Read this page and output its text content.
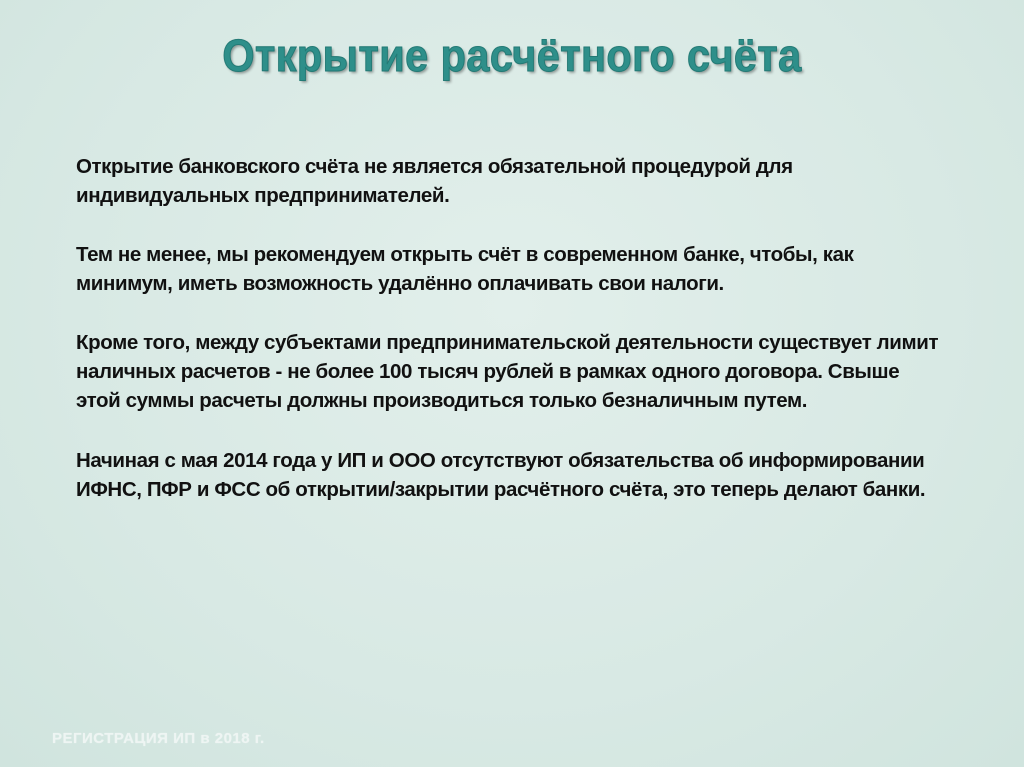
Открытие расчётного счёта

Открытие банковского счёта не является обязательной процедурой для индивидуальных предпринимателей.

Тем не менее, мы рекомендуем открыть счёт в современном банке, чтобы, как минимум, иметь возможность удалённо оплачивать свои налоги.

Кроме того, между субъектами предпринимательской деятельности существует лимит наличных расчетов - не более 100 тысяч рублей в рамках одного договора. Свыше этой суммы расчеты должны производиться только безналичным путем.

Начиная с мая 2014 года у ИП и ООО отсутствуют обязательства об информировании ИФНС, ПФР и ФСС об открытии/закрытии расчётного счёта, это теперь делают банки.

РЕГИСТРАЦИЯ ИП в 2018 г.
